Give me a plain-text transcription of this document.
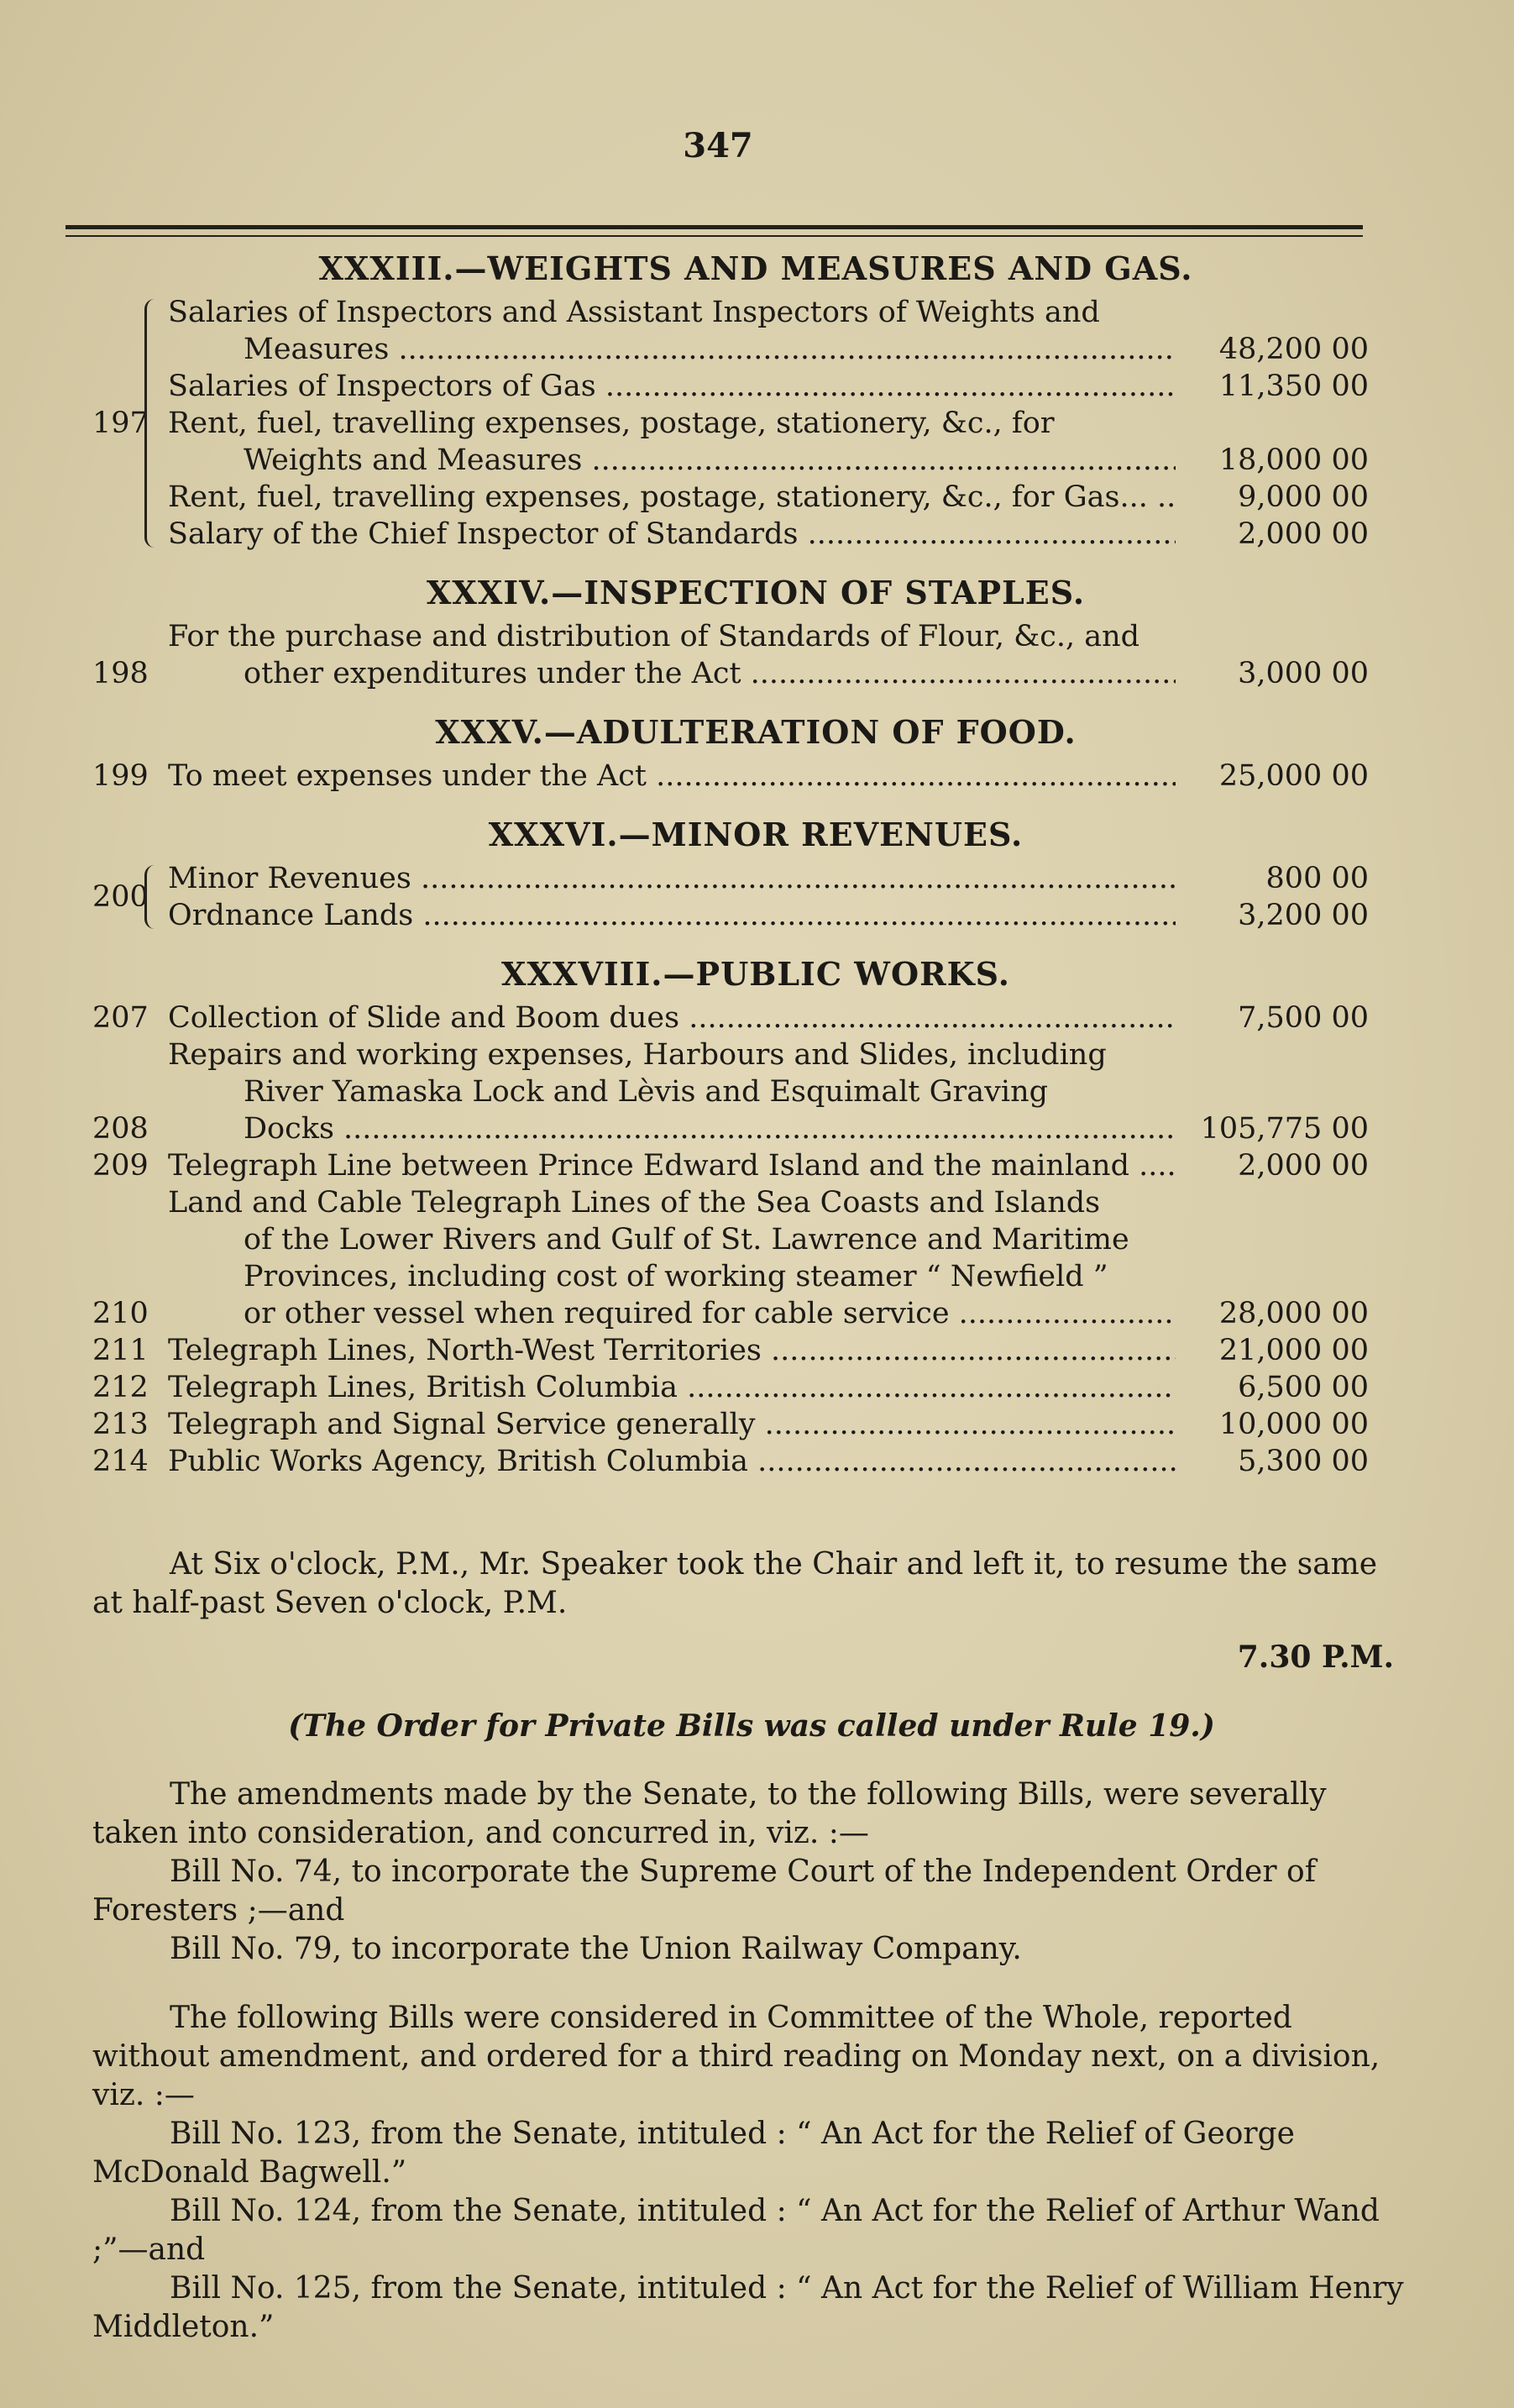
347
XXXIII.—WEIGHTS AND MEASURES AND GAS.
197
Salaries of Inspectors and Assistant Inspectors of Weights and
Measures .....	48,200 00
Salaries of Inspectors of Gas .....	11,350 00
Rent, fuel, travelling expenses, postage, stationery, &c., for
Weights and Measures .....	18,000 00
Rent, fuel, travelling expenses, postage, stationery, &c., for Gas... .....	9,000 00
Salary of the Chief Inspector of Standards .....	2,000 00
XXXIV.—INSPECTION OF STAPLES.
198
For the purchase and distribution of Standards of Flour, &c., and
other expenditures under the Act .....	3,000 00
XXXV.—ADULTERATION OF FOOD.
199 To meet expenses under the Act .....	25,000 00
XXXVI.—MINOR REVENUES.
200
Minor Revenues .....	800 00
Ordnance Lands .....	3,200 00
XXXVIII.—PUBLIC WORKS.
207 Collection of Slide and Boom dues .....	7,500 00
208
Repairs and working expenses, Harbours and Slides, including
River Yamaska Lock and Lèvis and Esquimalt Graving
Docks .....	105,775 00
209 Telegraph Line between Prince Edward Island and the mainland .....	2,000 00
210
Land and Cable Telegraph Lines of the Sea Coasts and Islands
of the Lower Rivers and Gulf of St. Lawrence and Maritime
Provinces, including cost of working steamer “ Newfield ”
or other vessel when required for cable service .....	28,000 00
211 Telegraph Lines, North-West Territories .....	21,000 00
212 Telegraph Lines, British Columbia .....	6,500 00
213 Telegraph and Signal Service generally .....	10,000 00
214 Public Works Agency, British Columbia .....	5,300 00

At Six o'clock, P.M., Mr. Speaker took the Chair and left it, to resume the same at half-past Seven o'clock, P.M.

7.30 P.M.

(The Order for Private Bills was called under Rule 19.)

The amendments made by the Senate, to the following Bills, were severally taken into consideration, and concurred in, viz. :—

Bill No. 74, to incorporate the Supreme Court of the Independent Order of Foresters ;—and

Bill No. 79, to incorporate the Union Railway Company.

The following Bills were considered in Committee of the Whole, reported without amendment, and ordered for a third reading on Monday next, on a division, viz. :—

Bill No. 123, from the Senate, intituled : “ An Act for the Relief of George McDonald Bagwell.”

Bill No. 124, from the Senate, intituled : “ An Act for the Relief of Arthur Wand ;”—and

Bill No. 125, from the Senate, intituled : “ An Act for the Relief of William Henry Middleton.”
